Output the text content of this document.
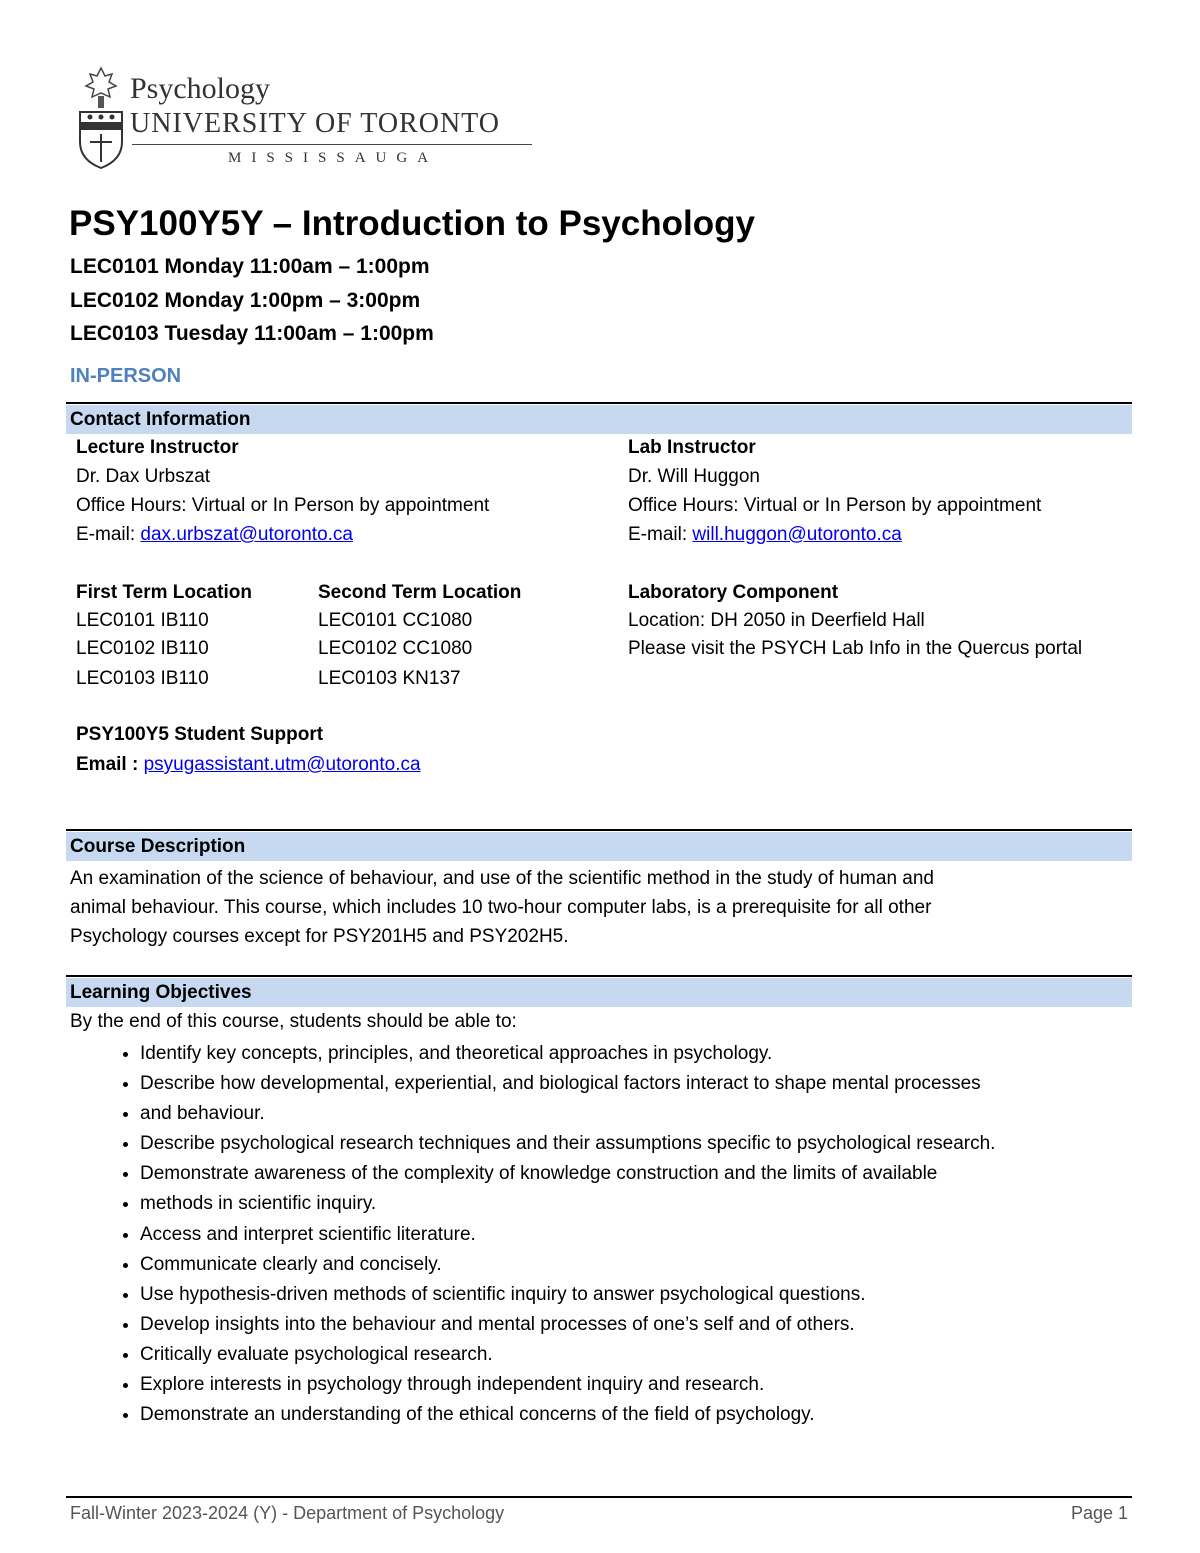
Psychology
UNIVERSITY OF TORONTO
MISSISSAUGA
PSY100Y5Y – Introduction to Psychology
LEC0101 Monday 11:00am – 1:00pm
LEC0102 Monday 1:00pm – 3:00pm
LEC0103 Tuesday 11:00am – 1:00pm
IN-PERSON
Contact Information
Lecture Instructor
Dr. Dax Urbszat
Office Hours: Virtual or In Person by appointment
E-mail: dax.urbszat@utoronto.ca
Lab Instructor
Dr. Will Huggon
Office Hours: Virtual or In Person by appointment
E-mail: will.huggon@utoronto.ca
First Term Location
LEC0101 IB110
LEC0102 IB110
LEC0103 IB110
Second Term Location
LEC0101 CC1080
LEC0102 CC1080
LEC0103 KN137
Laboratory Component
Location: DH 2050 in Deerfield Hall
Please visit the PSYCH Lab Info in the Quercus portal
PSY100Y5 Student Support
Email : psyugassistant.utm@utoronto.ca
Course Description
An examination of the science of behaviour, and use of the scientific method in the study of human and
animal behaviour. This course, which includes 10 two-hour computer labs, is a prerequisite for all other
Psychology courses except for PSY201H5 and PSY202H5.
Learning Objectives
By the end of this course, students should be able to:
• Identify key concepts, principles, and theoretical approaches in psychology.
• Describe how developmental, experiential, and biological factors interact to shape mental processes
• and behaviour.
• Describe psychological research techniques and their assumptions specific to psychological research.
• Demonstrate awareness of the complexity of knowledge construction and the limits of available
• methods in scientific inquiry.
• Access and interpret scientific literature.
• Communicate clearly and concisely.
• Use hypothesis-driven methods of scientific inquiry to answer psychological questions.
• Develop insights into the behaviour and mental processes of one’s self and of others.
• Critically evaluate psychological research.
• Explore interests in psychology through independent inquiry and research.
• Demonstrate an understanding of the ethical concerns of the field of psychology.
Fall-Winter 2023-2024 (Y) - Department of Psychology	Page 1
